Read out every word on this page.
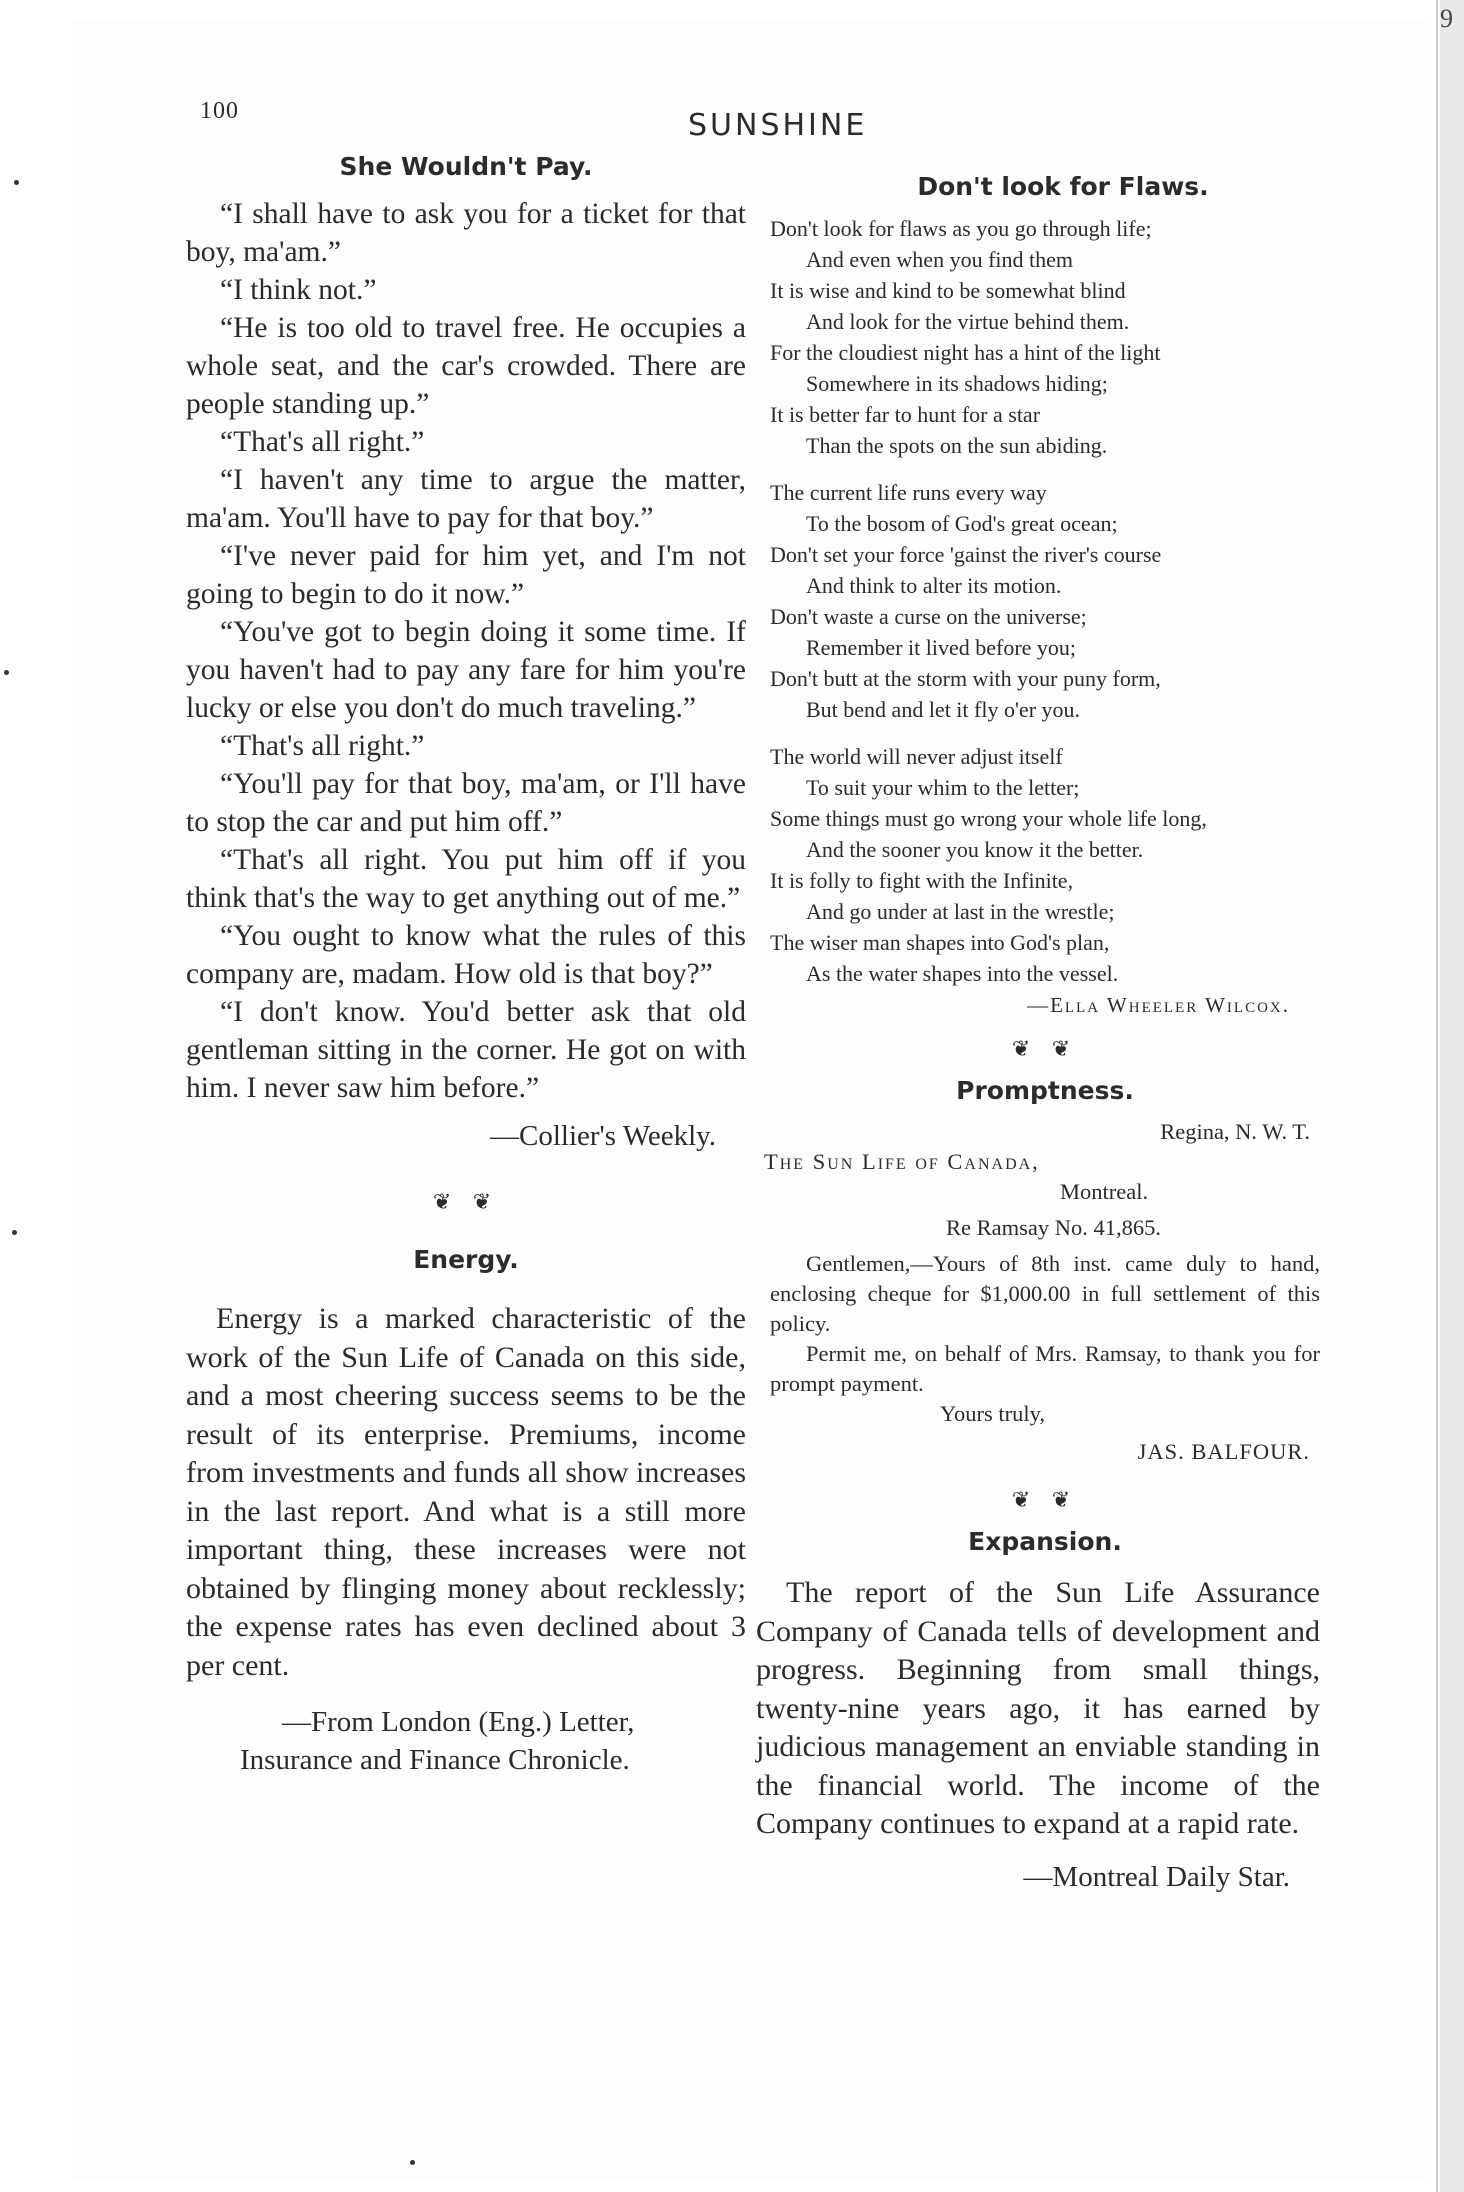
9
100	SUNSHINE
She Wouldn't Pay.

“I shall have to ask you for a ticket for that boy, ma'am.”

“I think not.”

“He is too old to travel free. He occupies a whole seat, and the car's crowded. There are people standing up.”

“That's all right.”

“I haven't any time to argue the matter, ma'am. You'll have to pay for that boy.”

“I've never paid for him yet, and I'm not going to begin to do it now.”

“You've got to begin doing it some time. If you haven't had to pay any fare for him you're lucky or else you don't do much traveling.”

“That's all right.”

“You'll pay for that boy, ma'am, or I'll have to stop the car and put him off.”

“That's all right. You put him off if you think that's the way to get anything out of me.”

“You ought to know what the rules of this company are, madam. How old is that boy?”

“I don't know. You'd better ask that old gentleman sitting in the corner. He got on with him. I never saw him before.”

—Collier's Weekly.

❦ ❦

Energy.

Energy is a marked characteristic of the work of the Sun Life of Canada on this side, and a most cheering success seems to be the result of its enterprise. Premiums, income from investments and funds all show increases in the last report. And what is a still more important thing, these increases were not obtained by flinging money about recklessly; the expense rates has even declined about 3 per cent.

—From London (Eng.) Letter,

Insurance and Finance Chronicle.

Don't look for Flaws.
Don't look for flaws as you go through life;
And even when you find them
It is wise and kind to be somewhat blind
And look for the virtue behind them.
For the cloudiest night has a hint of the light
Somewhere in its shadows hiding;
It is better far to hunt for a star
Than the spots on the sun abiding.
The current life runs every way
To the bosom of God's great ocean;
Don't set your force 'gainst the river's course
And think to alter its motion.
Don't waste a curse on the universe;
Remember it lived before you;
Don't butt at the storm with your puny form,
But bend and let it fly o'er you.
The world will never adjust itself
To suit your whim to the letter;
Some things must go wrong your whole life long,
And the sooner you know it the better.
It is folly to fight with the Infinite,
And go under at last in the wrestle;
The wiser man shapes into God's plan,
As the water shapes into the vessel.

—Ella Wheeler Wilcox.

❦ ❦

Promptness.
Regina, N. W. T.
The Sun Life of Canada,
Montreal.
Re Ramsay No. 41,865.

Gentlemen,—Yours of 8th inst. came duly to hand, enclosing cheque for $1,000.00 in full settlement of this policy.

Permit me, on behalf of Mrs. Ramsay, to thank you for prompt payment.

Yours truly,
JAS. BALFOUR.

❦ ❦

Expansion.

The report of the Sun Life Assurance Company of Canada tells of development and progress. Beginning from small things, twenty-nine years ago, it has earned by judicious management an enviable standing in the financial world. The income of the Company continues to expand at a rapid rate.

—Montreal Daily Star.
